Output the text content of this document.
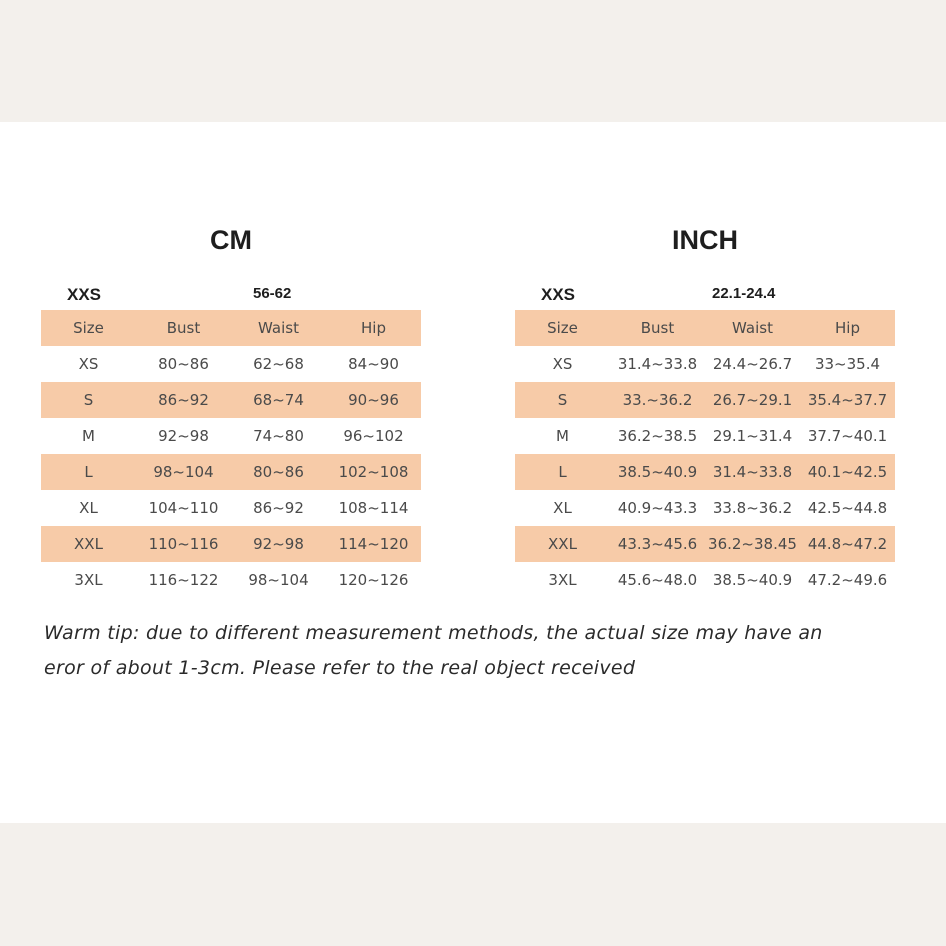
CM
XXS	56-62
Size	Bust	Waist	Hip
XS	80~86	62~68	84~90
S	86~92	68~74	90~96
M	92~98	74~80	96~102
L	98~104	80~86	102~108
XL	104~110	86~92	108~114
XXL	110~116	92~98	114~120
3XL	116~122	98~104	120~126
INCH
XXS	22.1-24.4
Size	Bust	Waist	Hip
XS	31.4~33.8	24.4~26.7	33~35.4
S	33.~36.2	26.7~29.1	35.4~37.7
M	36.2~38.5	29.1~31.4	37.7~40.1
L	38.5~40.9	31.4~33.8	40.1~42.5
XL	40.9~43.3	33.8~36.2	42.5~44.8
XXL	43.3~45.6 36.2~38.45 44.8~47.2
3XL	45.6~48.0	38.5~40.9	47.2~49.6
Warm tip: due to different measurement methods, the actual size may have an
eror of about 1-3cm. Please refer to the real object received
